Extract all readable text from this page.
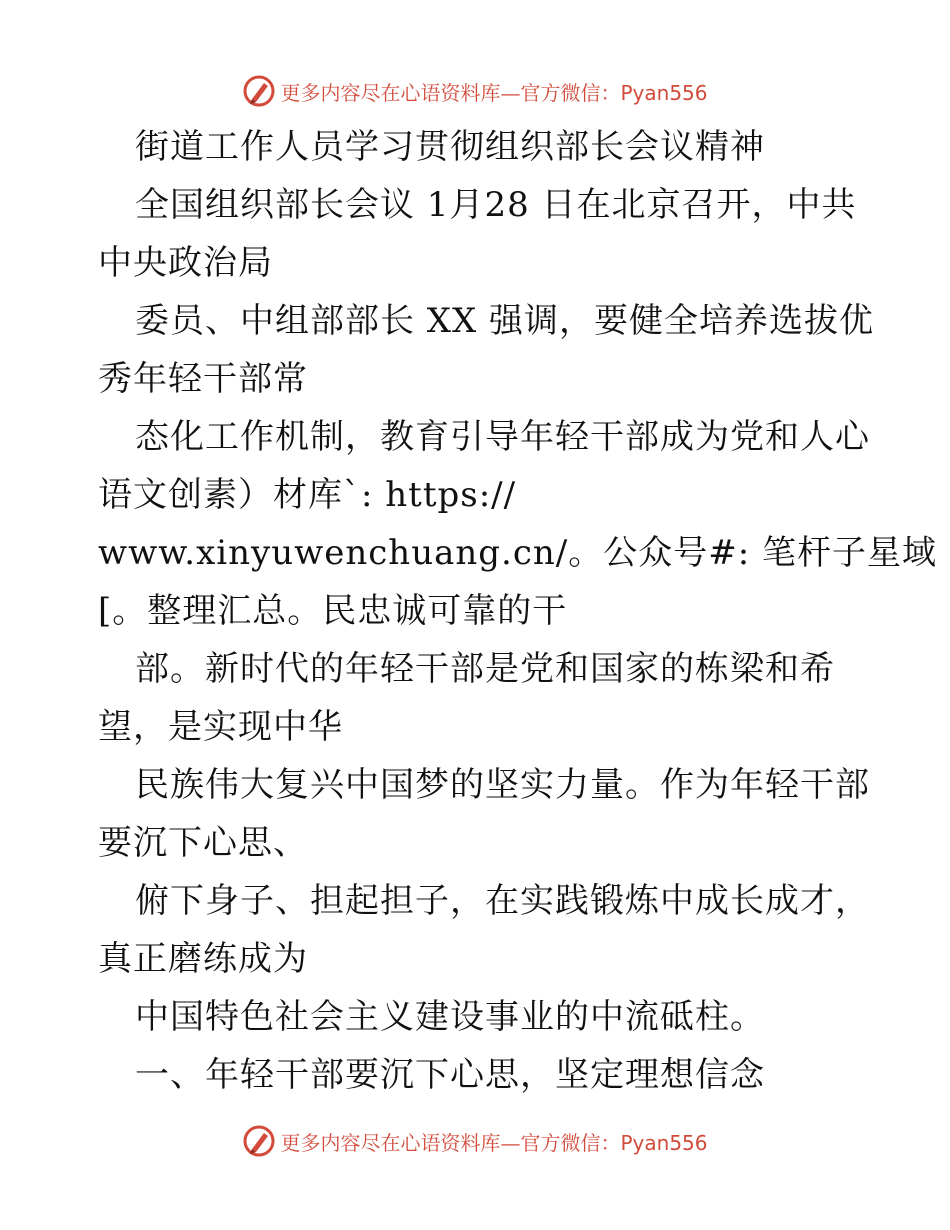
更多内容尽在心语资料库—官方微信：Pyan556
街道工作人员学习贯彻组织部长会议精神
全国组织部长会议 1月28 日在北京召开，中共
中央政治局
委员、中组部部长 XX 强调，要健全培养选拔优
秀年轻干部常
态化工作机制，教育引导年轻干部成为党和人心
语文创素）材库`: https://
www.xinyuwenchuang.cn/。公众号#: 笔杆子星域
[。整理汇总。民忠诚可靠的干
部。新时代的年轻干部是党和国家的栋梁和希
望，是实现中华
民族伟大复兴中国梦的坚实力量。作为年轻干部
要沉下心思、
俯下身子、担起担子，在实践锻炼中成长成才，
真正磨练成为
中国特色社会主义建设事业的中流砥柱。
一、年轻干部要沉下心思，坚定理想信念
更多内容尽在心语资料库—官方微信：Pyan556
